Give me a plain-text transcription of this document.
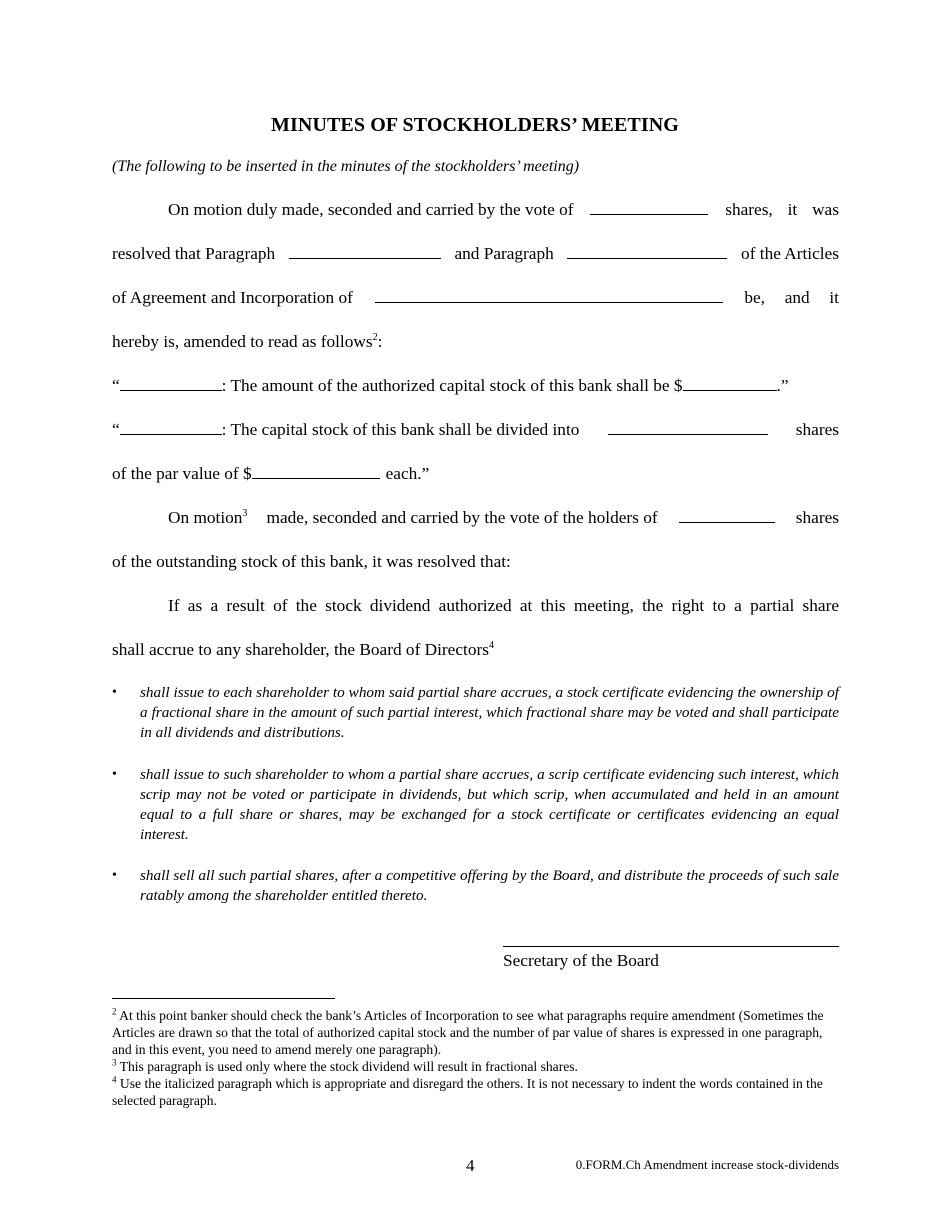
MINUTES OF STOCKHOLDERS’ MEETING
(The following to be inserted in the minutes of the stockholders’ meeting)
On motion duly made, seconded and carried by the vote of	shares, it was
resolved that Paragraph	and Paragraph	of the Articles
of Agreement and Incorporation of	be, and it
hereby is, amended to read as follows$^2$:
“	: The amount of the authorized capital stock of this bank shall be $	.”
“	: The capital stock of this bank shall be divided into	shares
of the par value of $	each.”
On motion$^3$ made, seconded and carried by the vote of the holders of	shares
of the outstanding stock of this bank, it was resolved that:
If as a result of the stock dividend authorized at this meeting, the right to a partial share
shall accrue to any shareholder, the Board of Directors$^4$
• shall issue to each shareholder to whom said partial share accrues, a stock certificate evidencing the ownership of a fractional share in the amount of such partial interest, which fractional share may be voted and shall participate in all dividends and distributions.
• shall issue to such shareholder to whom a partial share accrues, a scrip certificate evidencing such interest, which scrip may not be voted or participate in dividends, but which scrip, when accumulated and held in an amount equal to a full share or shares, may be exchanged for a stock certificate or certificates evidencing an equal interest.
• shall sell all such partial shares, after a competitive offering by the Board, and distribute the proceeds of such sale ratably among the shareholder entitled thereto.
Secretary of the Board

$^2$ At this point banker should check the bank’s Articles of Incorporation to see what paragraphs require amendment (Sometimes the Articles are drawn so that the total of authorized capital stock and the number of par value of shares is expressed in one paragraph, and in this event, you need to amend merely one paragraph).

$^3$ This paragraph is used only where the stock dividend will result in fractional shares.

$^4$ Use the italicized paragraph which is appropriate and disregard the others. It is not necessary to indent the words contained in the selected paragraph.

4	0.FORM.Ch Amendment increase stock-dividends
